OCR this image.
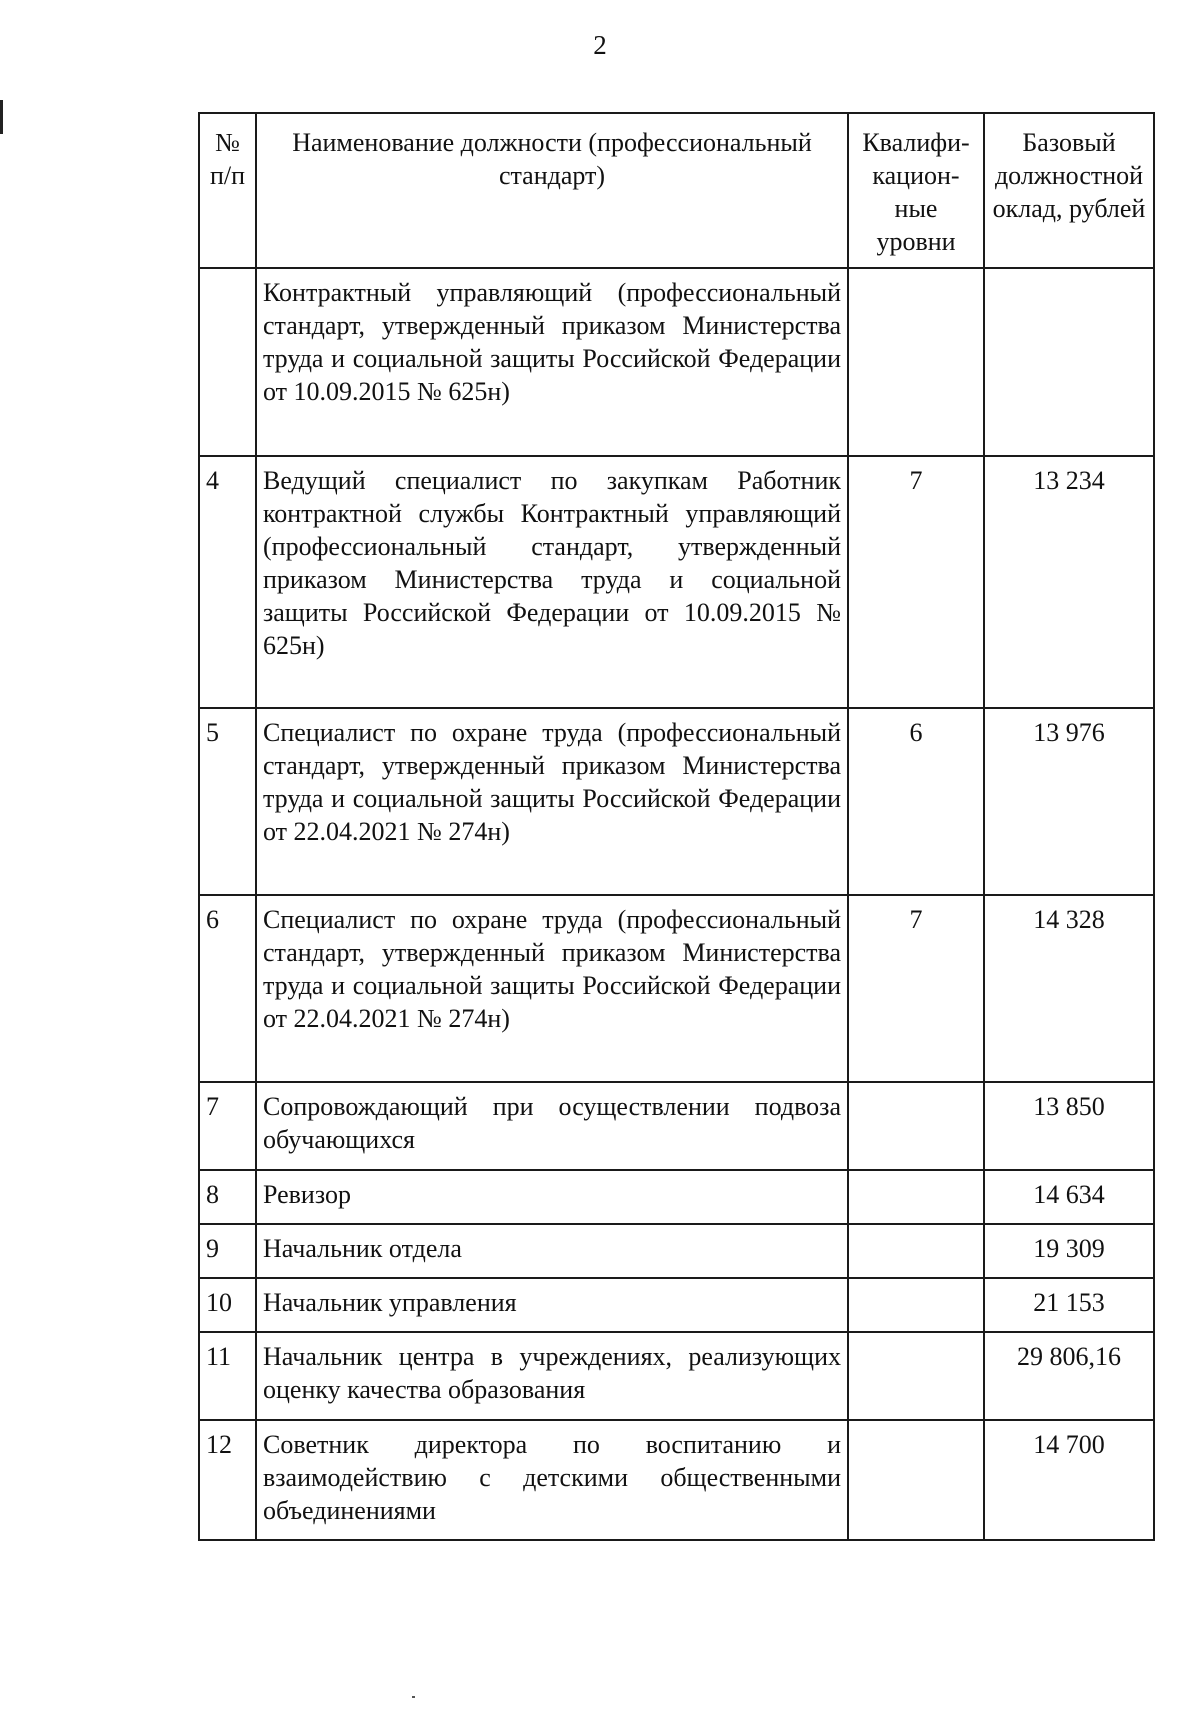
2
№ п/п	Наименование должности (профессиональный стандарт)	Квалифи-кацион-ные уровни	Базовый должностной оклад, рублей
	Контрактный управляющий (профессиональный стандарт, утвержденный приказом Министерства труда и социальной защиты Российской Федерации от 10.09.2015 № 625н)		
4	Ведущий специалист по закупкам Работник контрактной службы Контрактный управляющий (профессиональный стандарт, утвержденный приказом Министерства труда и социальной защиты Российской Федерации от 10.09.2015 № 625н)	7	13 234
5	Специалист по охране труда (профессиональный стандарт, утвержденный приказом Министерства труда и социальной защиты Российской Федерации от 22.04.2021 № 274н)	6	13 976
6	Специалист по охране труда (профессиональный стандарт, утвержденный приказом Министерства труда и социальной защиты Российской Федерации от 22.04.2021 № 274н)	7	14 328
7	Сопровождающий при осуществлении подвоза обучающихся		13 850
8	Ревизор		14 634
9	Начальник отдела		19 309
10	Начальник управления		21 153
11	Начальник центра в учреждениях, реализующих оценку качества образования		29 806,16
12	Советник директора по воспитанию и взаимодействию с детскими общественными объединениями		14 700
